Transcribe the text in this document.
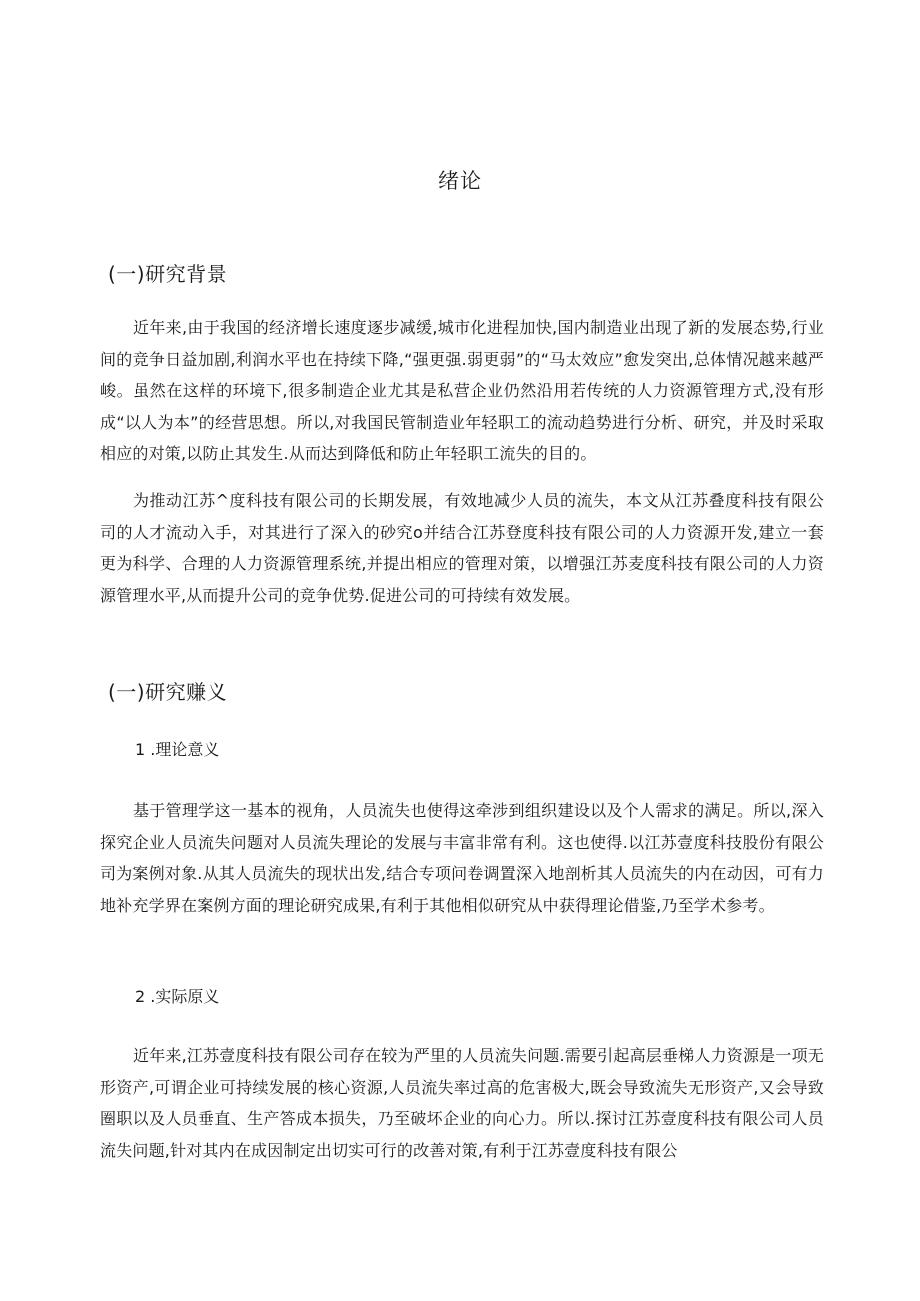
绪论
(一)研究背景

近年来,由于我国的经济增长速度逐步减缓,城市化进程加快,国内制造业出现了新的发展态势,行业间的竞争日益加剧,利润水平也在持续下降,“强更强.弱更弱”的“马太效应”愈发突出,总体情况越来越严峻。虽然在这样的环境下,很多制造企业尤其是私营企业仍然沿用若传统的人力资源管理方式,没有形成“以人为本”的经营思想。所以,对我国民管制造业年轻职工的流动趋势进行分析、研究，并及时采取相应的对策,以防止其发生.从而达到降低和防止年轻职工流失的目的。

为推动江苏^度科技有限公司的长期发展，有效地减少人员的流失，本文从江苏叠度科技有限公司的人才流动入手，对其进行了深入的砂究o并结合江苏登度科技有限公司的人力资源开发,建立一套更为科学、合理的人力资源管理系统,并提出相应的管理对策，以增强江苏麦度科技有限公司的人力资源管理水平,从而提升公司的竞争优势.促进公司的可持续有效发展。

(一)研究赚义
1 .理论意义

基于管理学这一基本的视角，人员流失也使得这牵涉到组织建设以及个人需求的满足。所以,深入探究企业人员流失问题对人员流失理论的发展与丰富非常有利。这也使得.以江苏壹度科技股份有限公司为案例对象.从其人员流失的现状出发,结合专项问卷调置深入地剖析其人员流失的内在动因，可有力地补充学界在案例方面的理论研究成果,有利于其他相似研究从中获得理论借鉴,乃至学术参考。

2 .实际原义

近年来,江苏壹度科技有限公司存在较为严里的人员流失问题.需要引起高层垂梯人力资源是一项无形资产,可谓企业可持续发展的核心资源,人员流失率过高的危害极大,既会导致流失无形资产,又会导致圈职以及人员垂直、生产答成本损失，乃至破坏企业的向心力。所以.探讨江苏壹度科技有限公司人员流失问题,针对其内在成因制定出切实可行的改善对策,有利于江苏壹度科技有限公
